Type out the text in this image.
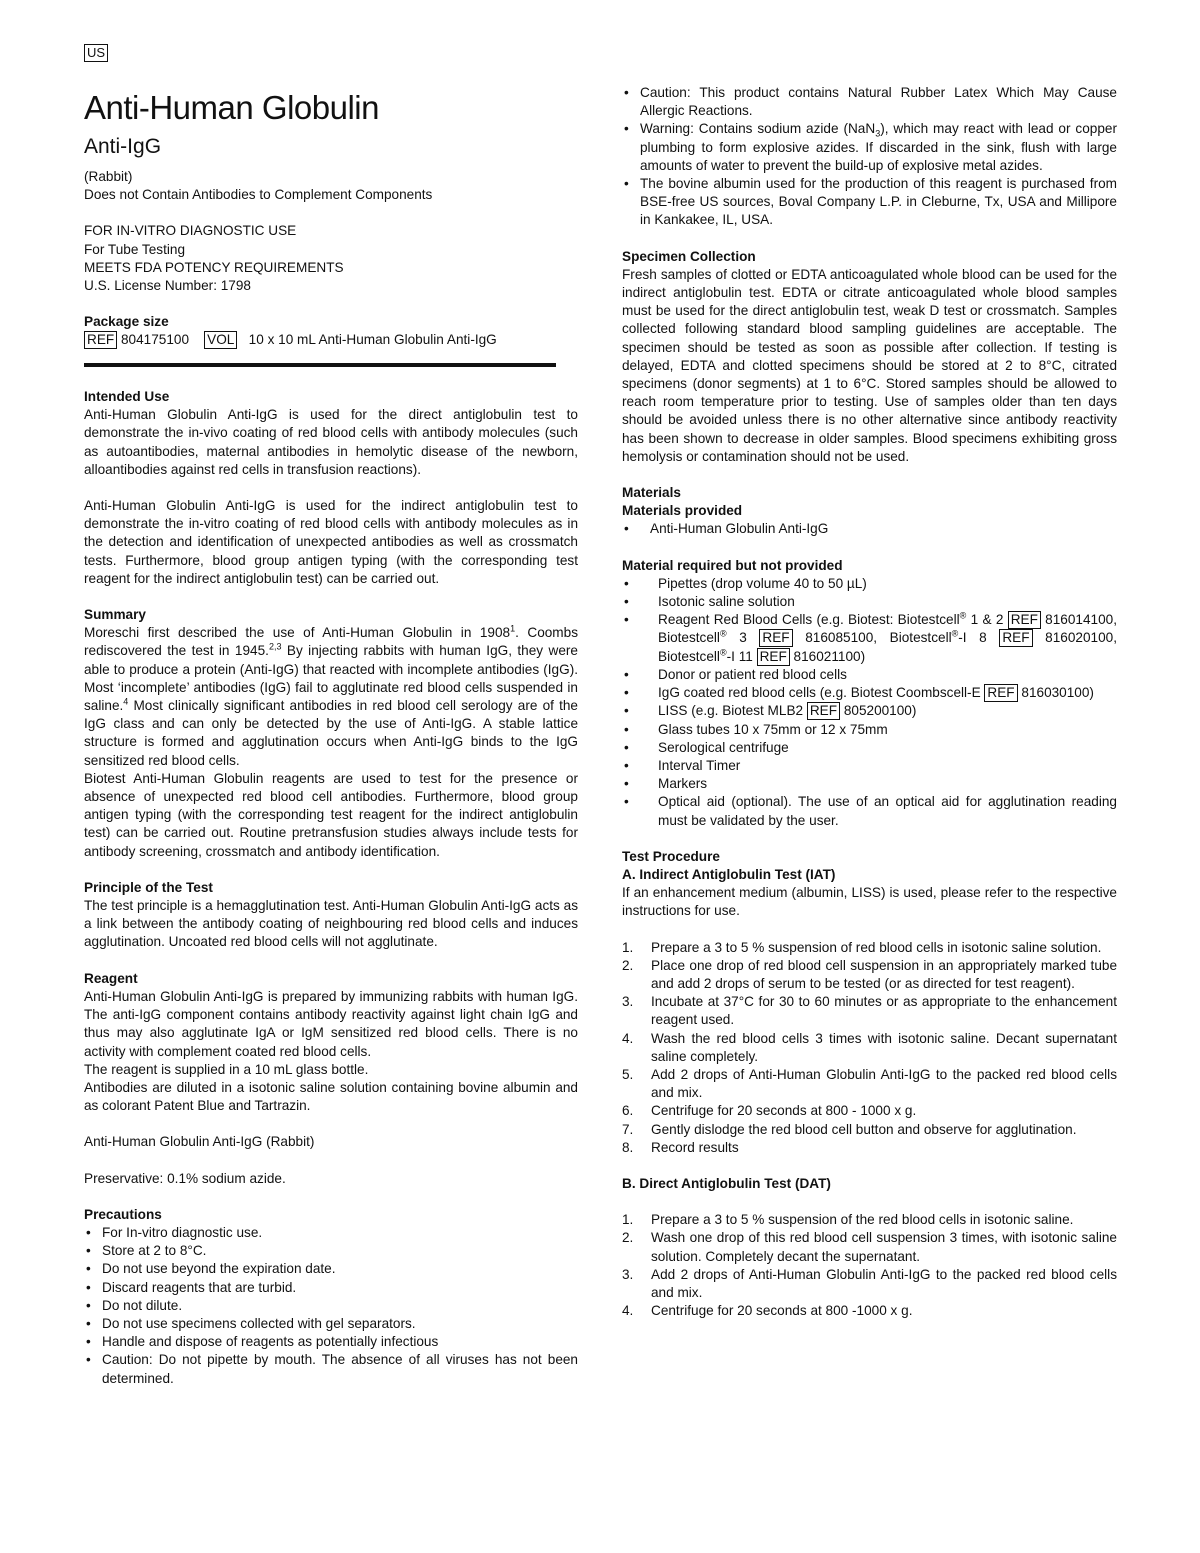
US
Anti-Human Globulin
Anti-IgG
(Rabbit)
Does not Contain Antibodies to Complement Components
FOR IN-VITRO DIAGNOSTIC USE
For Tube Testing
MEETS FDA POTENCY REQUIREMENTS
U.S. License Number: 1798
Package size
REF 804175100 VOL 10 x 10 mL Anti-Human Globulin Anti-IgG
Intended Use
Anti-Human Globulin Anti-IgG is used for the direct antiglobulin test to demonstrate the in-vivo coating of red blood cells with antibody molecules (such as autoantibodies, maternal antibodies in hemolytic disease of the newborn, alloantibodies against red cells in transfusion reactions).
Anti-Human Globulin Anti-IgG is used for the indirect antiglobulin test to demonstrate the in-vitro coating of red blood cells with antibody molecules as in the detection and identification of unexpected antibodies as well as crossmatch tests. Furthermore, blood group antigen typing (with the corresponding test reagent for the indirect antiglobulin test) can be carried out.
Summary
Moreschi first described the use of Anti-Human Globulin in 1908$^1$. Coombs rediscovered the test in 1945.$^{2,3}$ By injecting rabbits with human IgG, they were able to produce a protein (Anti-IgG) that reacted with incomplete antibodies (IgG). Most ‘incomplete’ antibodies (IgG) fail to agglutinate red blood cells suspended in saline.$^4$ Most clinically significant antibodies in red blood cell serology are of the IgG class and can only be detected by the use of Anti-IgG. A stable lattice structure is formed and agglutination occurs when Anti-IgG binds to the IgG sensitized red blood cells.
Biotest Anti-Human Globulin reagents are used to test for the presence or absence of unexpected red blood cell antibodies. Furthermore, blood group antigen typing (with the corresponding test reagent for the indirect antiglobulin test) can be carried out. Routine pretransfusion studies always include tests for antibody screening, crossmatch and antibody identification.
Principle of the Test
The test principle is a hemagglutination test. Anti-Human Globulin Anti-IgG acts as a link between the antibody coating of neighbouring red blood cells and induces agglutination. Uncoated red blood cells will not agglutinate.
Reagent
Anti-Human Globulin Anti-IgG is prepared by immunizing rabbits with human IgG. The anti-IgG component contains antibody reactivity against light chain IgG and thus may also agglutinate IgA or IgM sensitized red blood cells. There is no activity with complement coated red blood cells.
The reagent is supplied in a 10 mL glass bottle.
Antibodies are diluted in a isotonic saline solution containing bovine albumin and as colorant Patent Blue and Tartrazin.
Anti-Human Globulin Anti-IgG (Rabbit)
Preservative: 0.1% sodium azide.
Precautions
• For In-vitro diagnostic use.
• Store at 2 to 8°C.
• Do not use beyond the expiration date.
• Discard reagents that are turbid.
• Do not dilute.
• Do not use specimens collected with gel separators.
• Handle and dispose of reagents as potentially infectious
• Caution: Do not pipette by mouth. The absence of all viruses has not been determined.
• Caution: This product contains Natural Rubber Latex Which May Cause Allergic Reactions.
• Warning: Contains sodium azide (NaN$_3$), which may react with lead or copper plumbing to form explosive azides. If discarded in the sink, flush with large amounts of water to prevent the build-up of explosive metal azides.
• The bovine albumin used for the production of this reagent is purchased from BSE-free US sources, Boval Company L.P. in Cleburne, Tx, USA and Millipore in Kankakee, IL, USA.
Specimen Collection
Fresh samples of clotted or EDTA anticoagulated whole blood can be used for the indirect antiglobulin test. EDTA or citrate anticoagulated whole blood samples must be used for the direct antiglobulin test, weak D test or crossmatch. Samples collected following standard blood sampling guidelines are acceptable. The specimen should be tested as soon as possible after collection. If testing is delayed, EDTA and clotted specimens should be stored at 2 to 8°C, citrated specimens (donor segments) at 1 to 6°C. Stored samples should be allowed to reach room temperature prior to testing. Use of samples older than ten days should be avoided unless there is no other alternative since antibody reactivity has been shown to decrease in older samples. Blood specimens exhibiting gross hemolysis or contamination should not be used.
Materials
Materials provided
• Anti-Human Globulin Anti-IgG
Material required but not provided
• Pipettes (drop volume 40 to 50 µL)
• Isotonic saline solution
• Reagent Red Blood Cells (e.g. Biotest: Biotestcell® 1 & 2 REF 816014100, Biotestcell® 3 REF 816085100, Biotestcell®-I 8 REF 816020100, Biotestcell®-I 11 REF 816021100)
• Donor or patient red blood cells
• IgG coated red blood cells (e.g. Biotest Coombscell-E REF 816030100)
• LISS (e.g. Biotest MLB2 REF 805200100)
• Glass tubes 10 x 75mm or 12 x 75mm
• Serological centrifuge
• Interval Timer
• Markers
• Optical aid (optional). The use of an optical aid for agglutination reading must be validated by the user.
Test Procedure
A. Indirect Antiglobulin Test (IAT)
If an enhancement medium (albumin, LISS) is used, please refer to the respective instructions for use.
1. Prepare a 3 to 5 % suspension of red blood cells in isotonic saline solution.
2. Place one drop of red blood cell suspension in an appropriately marked tube and add 2 drops of serum to be tested (or as directed for test reagent).
3. Incubate at 37°C for 30 to 60 minutes or as appropriate to the enhancement reagent used.
4. Wash the red blood cells 3 times with isotonic saline. Decant supernatant saline completely.
5. Add 2 drops of Anti-Human Globulin Anti-IgG to the packed red blood cells and mix.
6. Centrifuge for 20 seconds at 800 - 1000 x g.
7. Gently dislodge the red blood cell button and observe for agglutination.
8. Record results
B. Direct Antiglobulin Test (DAT)
1. Prepare a 3 to 5 % suspension of the red blood cells in isotonic saline.
2. Wash one drop of this red blood cell suspension 3 times, with isotonic saline solution. Completely decant the supernatant.
3. Add 2 drops of Anti-Human Globulin Anti-IgG to the packed red blood cells and mix.
4. Centrifuge for 20 seconds at 800 -1000 x g.
